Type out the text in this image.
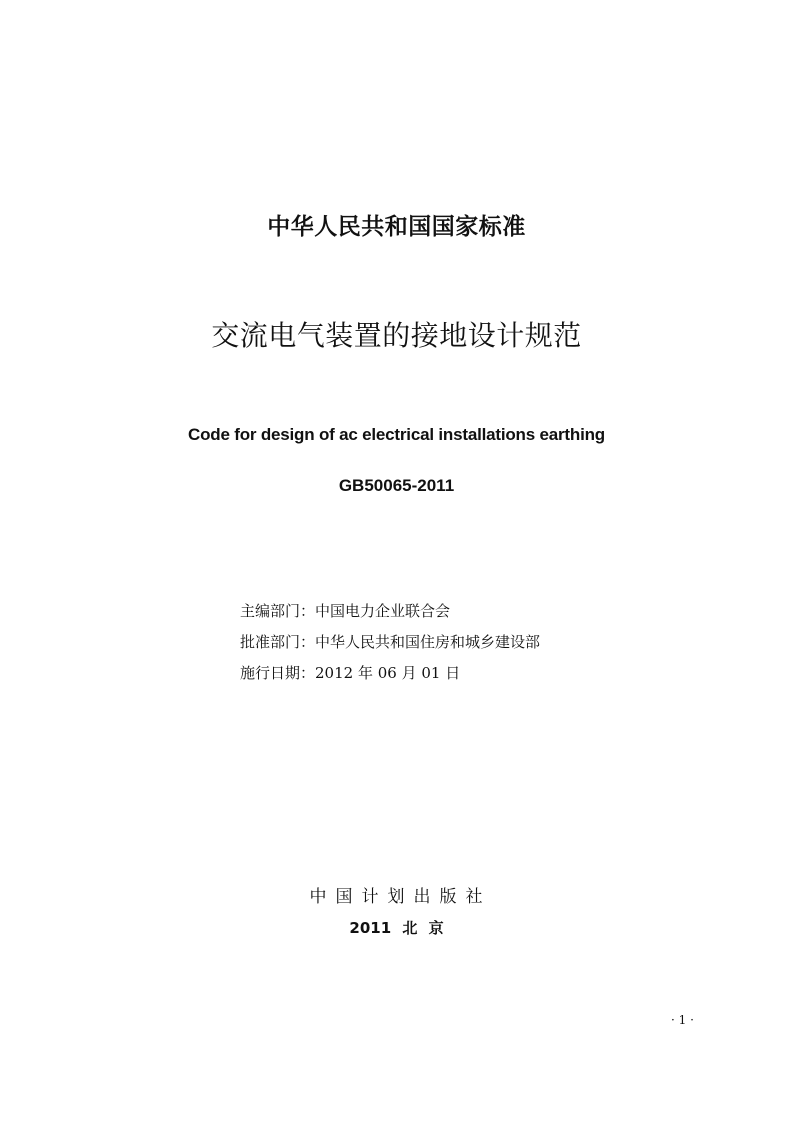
中华人民共和国国家标准
交流电气装置的接地设计规范
Code for design of ac electrical installations earthing
GB50065-2011
主编部门：中国电力企业联合会
批准部门：中华人民共和国住房和城乡建设部
施行日期：2012 年 06 月 01 日
中国计划出版社
2011 北 京
· 1 ·
